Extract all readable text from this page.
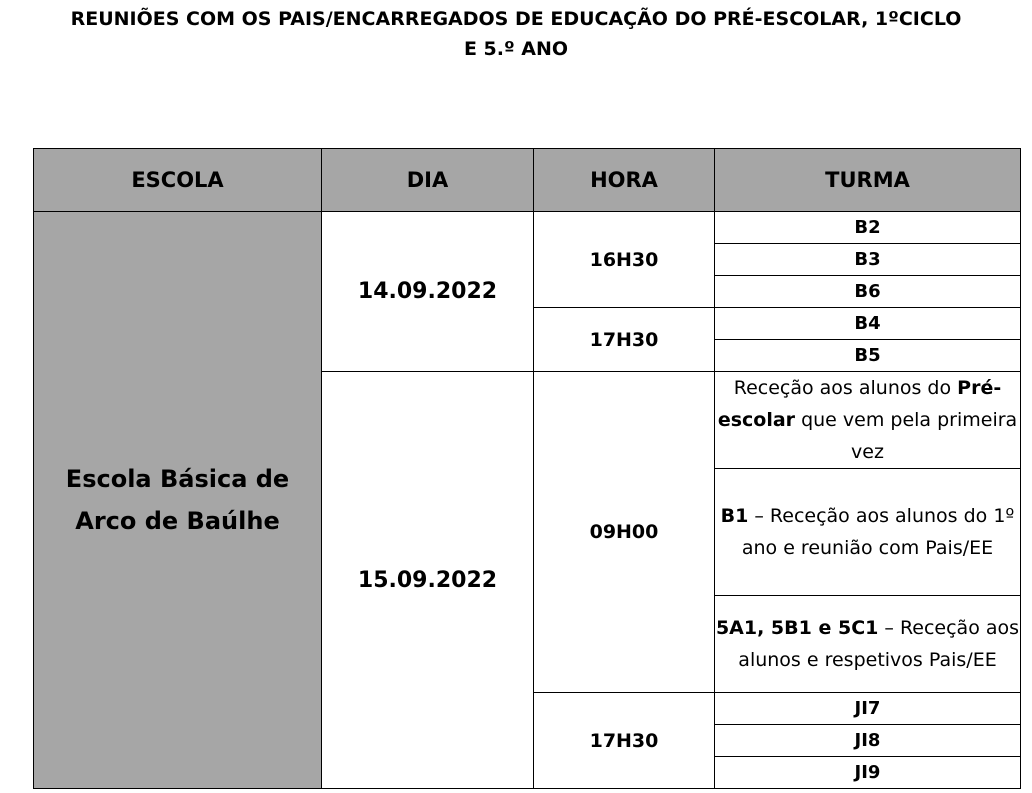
REUNIÕES COM OS PAIS/ENCARREGADOS DE EDUCAÇÃO DO PRÉ-ESCOLAR, 1ºCICLO
E 5.º ANO
ESCOLA	DIA	HORA	TURMA

Escola Básica de
Arco de Baúlhe	14.09.2022	16H30	B2
			B3
			B6
		17H30	B4
			B5
	15.09.2022	09H00	Receção aos alunos do Pré-escolar que vem pela primeira vez
			B1 – Receção aos alunos do 1º ano e reunião com Pais/EE
			5A1, 5B1 e 5C1 – Receção aos alunos e respetivos Pais/EE
		17H30	JI7
			JI8
			JI9
